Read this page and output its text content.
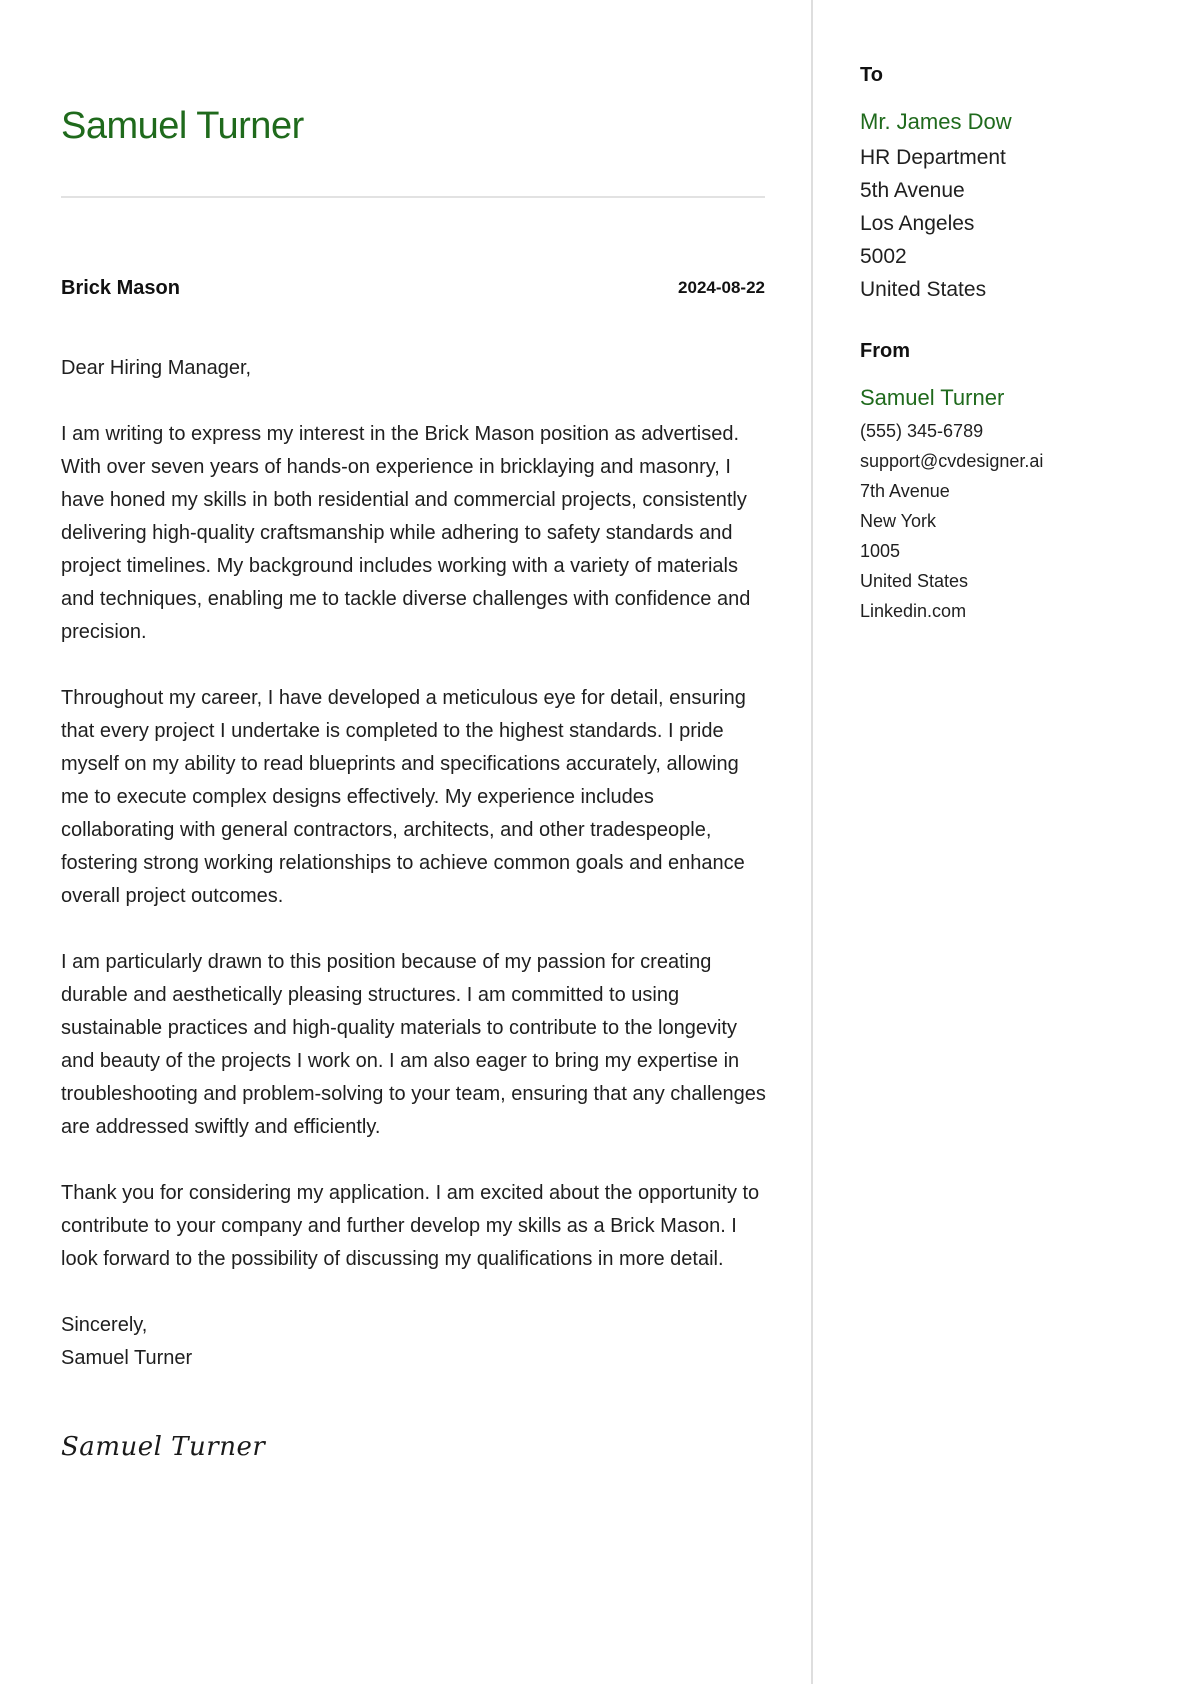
Samuel Turner
Brick Mason	2024-08-22

Dear Hiring Manager,

I am writing to express my interest in the Brick Mason position as advertised. With over seven years of hands-on experience in bricklaying and masonry, I have honed my skills in both residential and commercial projects, consistently delivering high-quality craftsmanship while adhering to safety standards and project timelines. My background includes working with a variety of materials and techniques, enabling me to tackle diverse challenges with confidence and precision.

Throughout my career, I have developed a meticulous eye for detail, ensuring that every project I undertake is completed to the highest standards. I pride myself on my ability to read blueprints and specifications accurately, allowing me to execute complex designs effectively. My experience includes collaborating with general contractors, architects, and other tradespeople, fostering strong working relationships to achieve common goals and enhance overall project outcomes.

I am particularly drawn to this position because of my passion for creating durable and aesthetically pleasing structures. I am committed to using sustainable practices and high-quality materials to contribute to the longevity and beauty of the projects I work on. I am also eager to bring my expertise in troubleshooting and problem-solving to your team, ensuring that any challenges are addressed swiftly and efficiently.

Thank you for considering my application. I am excited about the opportunity to contribute to your company and further develop my skills as a Brick Mason. I look forward to the possibility of discussing my qualifications in more detail.

Sincerely,
Samuel Turner

Samuel Turner
To
Mr. James Dow
HR Department
5th Avenue
Los Angeles
5002
United States
From
Samuel Turner
(555) 345-6789
support@cvdesigner.ai
7th Avenue
New York
1005
United States
Linkedin.com
